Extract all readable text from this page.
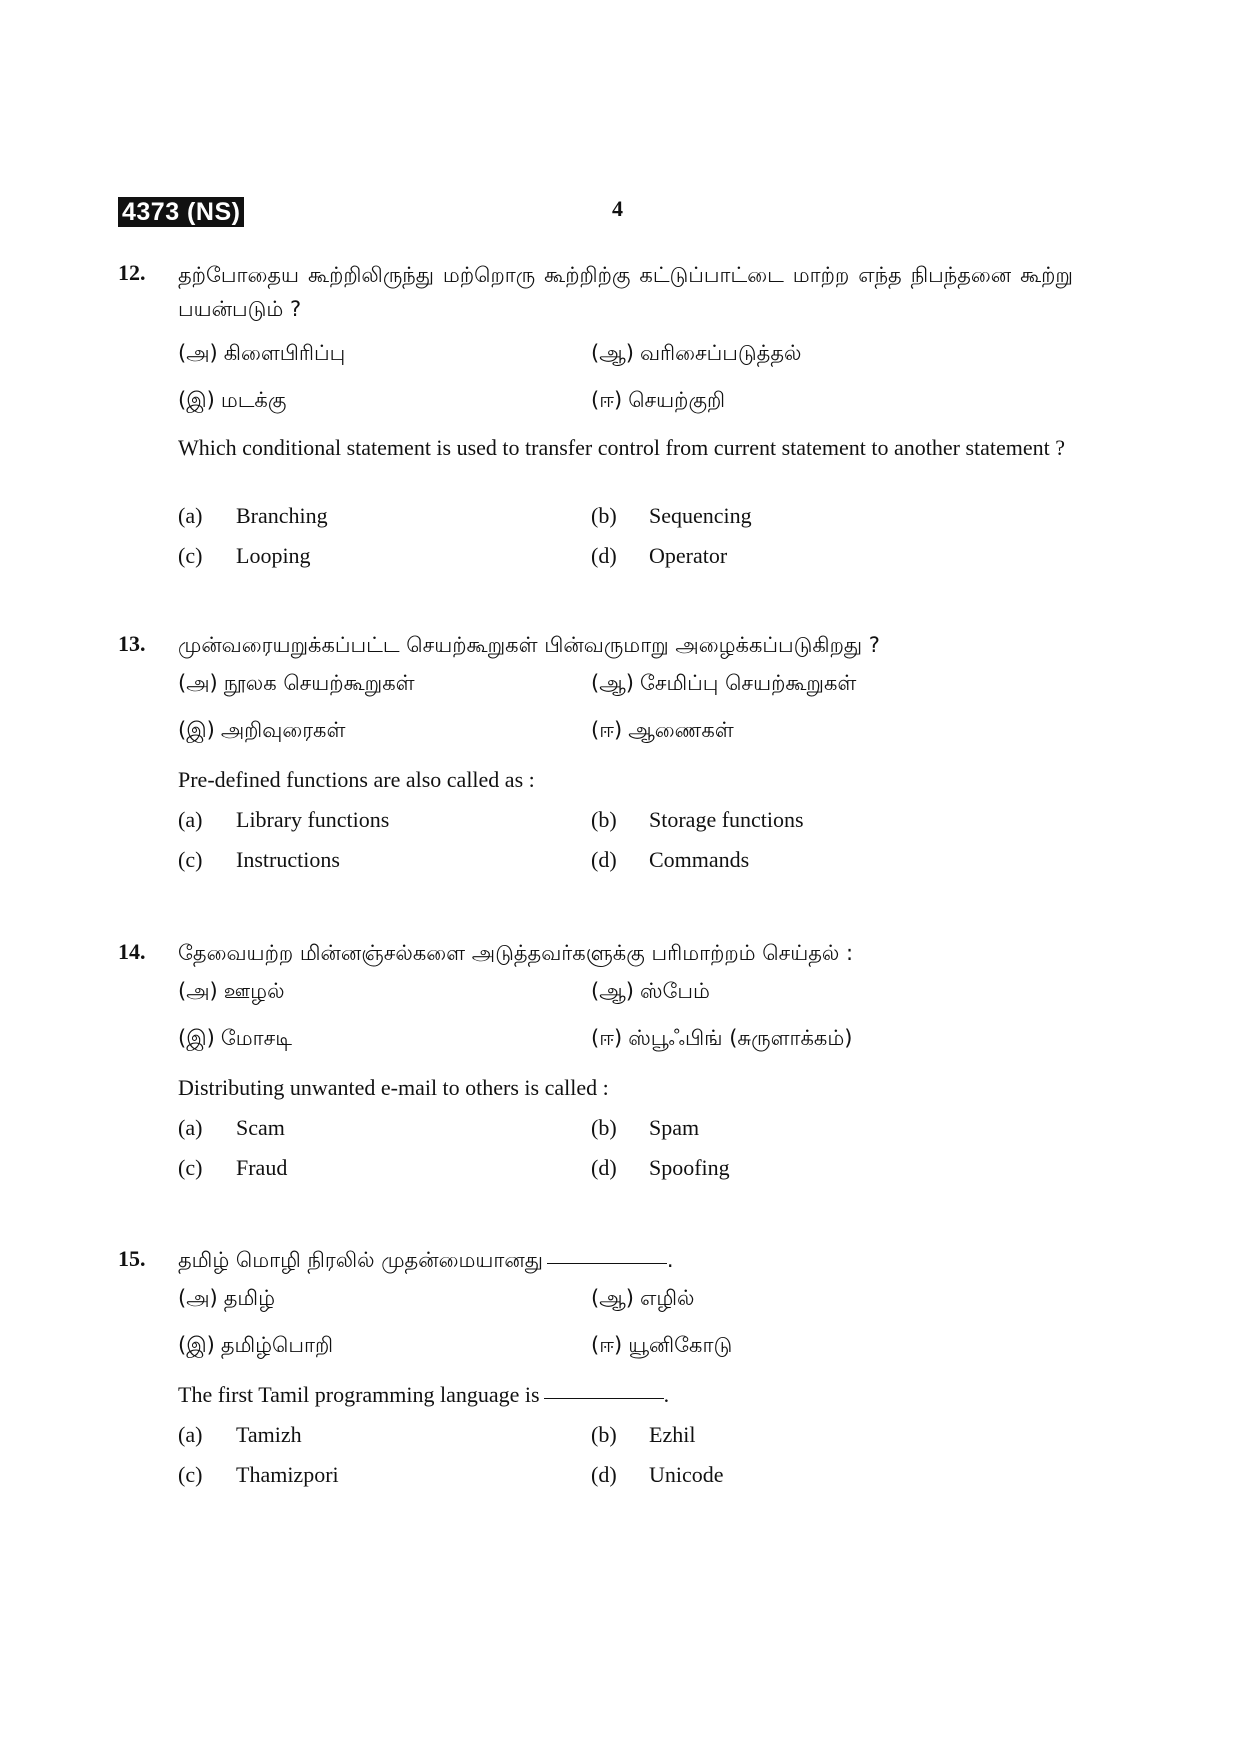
4373 (NS)	4
12. தற்போதைய கூற்றிலிருந்து மற்றொரு கூற்றிற்கு கட்டுப்பாட்டை மாற்ற எந்த நிபந்தனை கூற்று பயன்படும் ?
(அ) கிளைபிரிப்பு	(ஆ) வரிசைப்படுத்தல்
(இ) மடக்கு	(ஈ) செயற்குறி
Which conditional statement is used to transfer control from current statement to another statement ?
(a) Branching	(b) Sequencing
(c) Looping	(d) Operator
13. முன்வரையறுக்கப்பட்ட செயற்கூறுகள் பின்வருமாறு அழைக்கப்படுகிறது ?
(அ) நூலக செயற்கூறுகள்	(ஆ) சேமிப்பு செயற்கூறுகள்
(இ) அறிவுரைகள்	(ஈ) ஆணைகள்
Pre-defined functions are also called as :
(a) Library functions	(b) Storage functions
(c) Instructions	(d) Commands
14. தேவையற்ற மின்னஞ்சல்களை அடுத்தவர்களுக்கு பரிமாற்றம் செய்தல் :
(அ) ஊழல்	(ஆ) ஸ்பேம்
(இ) மோசடி	(ஈ) ஸ்பூஃபிங் (சுருளாக்கம்)
Distributing unwanted e-mail to others is called :
(a) Scam	(b) Spam
(c) Fraud	(d) Spoofing
15. தமிழ் மொழி நிரலில் முதன்மையானது	.
(அ) தமிழ்	(ஆ) எழில்
(இ) தமிழ்பொறி	(ஈ) யூனிகோடு
The first Tamil programming language is	.
(a) Tamizh	(b) Ezhil
(c) Thamizpori	(d) Unicode
